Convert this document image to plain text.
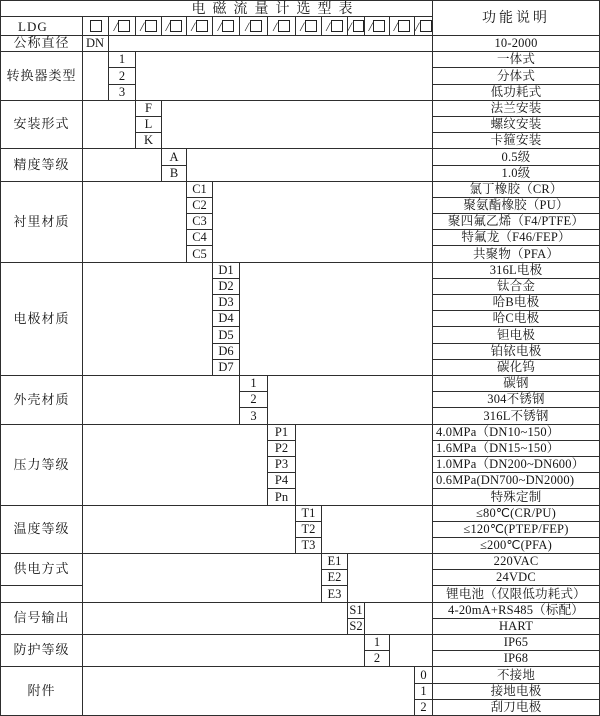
电磁流量计选型表
功能说明
LDG	/ / / / / / / / / / / / /
公称直径	DN	10-2000
转换器类型
1	一体式
2	分体式
3	低功耗式
安装形式
F	法兰安装
L	螺纹安装
K	卡箍安装
精度等级
A	0.5级
B	1.0级
衬里材质
C1	氯丁橡胶（CR）
C2	聚氨酯橡胶（PU）
C3	聚四氟乙烯（F4/PTFE）
C4	特氟龙（F46/FEP）
C5	共聚物（PFA）
电极材质
D1	316L电极
D2	钛合金
D3	哈B电极
D4	哈C电极
D5	钽电极
D6	铂铱电极
D7	碳化钨
外壳材质
1	碳钢
2	304不锈钢
3	316L不锈钢
压力等级
P1	4.0MPa（DN10~150）
P2	1.6MPa（DN15~150）
P3	1.0MPa（DN200~DN600）
P4	0.6MPa(DN700~DN2000)
Pn	特殊定制
温度等级
T1	≤80℃(CR/PU)
T2	≤120℃(PTEP/FEP)
T3	≤200℃(PFA)
供电方式
E1	220VAC
E2	24VDC
E3	锂电池（仅限低功耗式）
信号输出
S1	4-20mA+RS485（标配）
S2	HART
防护等级
1	IP65
2	IP68
附件
0	不接地
1	接地电极
2	刮刀电极
